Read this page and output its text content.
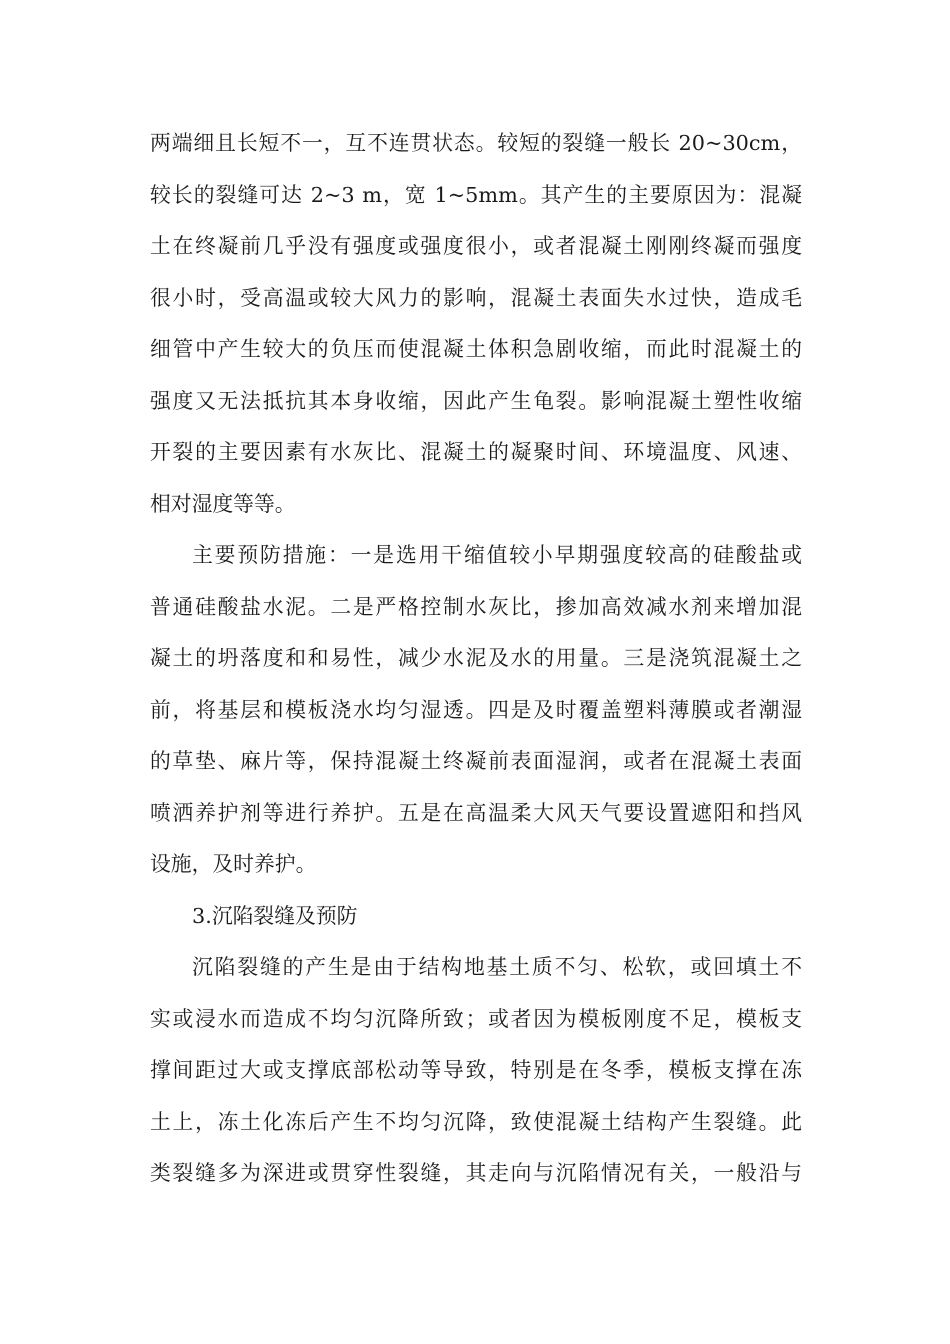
两端细且长短不一，互不连贯状态。较短的裂缝一般长 20~30cm，
较长的裂缝可达 2~3 m，宽 1~5mm。其产生的主要原因为：混凝
土在终凝前几乎没有强度或强度很小，或者混凝土刚刚终凝而强度
很小时，受高温或较大风力的影响，混凝土表面失水过快，造成毛
细管中产生较大的负压而使混凝土体积急剧收缩，而此时混凝土的
强度又无法抵抗其本身收缩，因此产生龟裂。影响混凝土塑性收缩
开裂的主要因素有水灰比、混凝土的凝聚时间、环境温度、风速、
相对湿度等等。
主要预防措施：一是选用干缩值较小早期强度较高的硅酸盐或
普通硅酸盐水泥。二是严格控制水灰比，掺加高效减水剂来增加混
凝土的坍落度和和易性，减少水泥及水的用量。三是浇筑混凝土之
前，将基层和模板浇水均匀湿透。四是及时覆盖塑料薄膜或者潮湿
的草垫、麻片等，保持混凝土终凝前表面湿润，或者在混凝土表面
喷洒养护剂等进行养护。五是在高温柔大风天气要设置遮阳和挡风
设施，及时养护。
3.沉陷裂缝及预防
沉陷裂缝的产生是由于结构地基土质不匀、松软，或回填土不
实或浸水而造成不均匀沉降所致；或者因为模板刚度不足，模板支
撑间距过大或支撑底部松动等导致，特别是在冬季，模板支撑在冻
土上，冻土化冻后产生不均匀沉降，致使混凝土结构产生裂缝。此
类裂缝多为深进或贯穿性裂缝，其走向与沉陷情况有关，一般沿与
